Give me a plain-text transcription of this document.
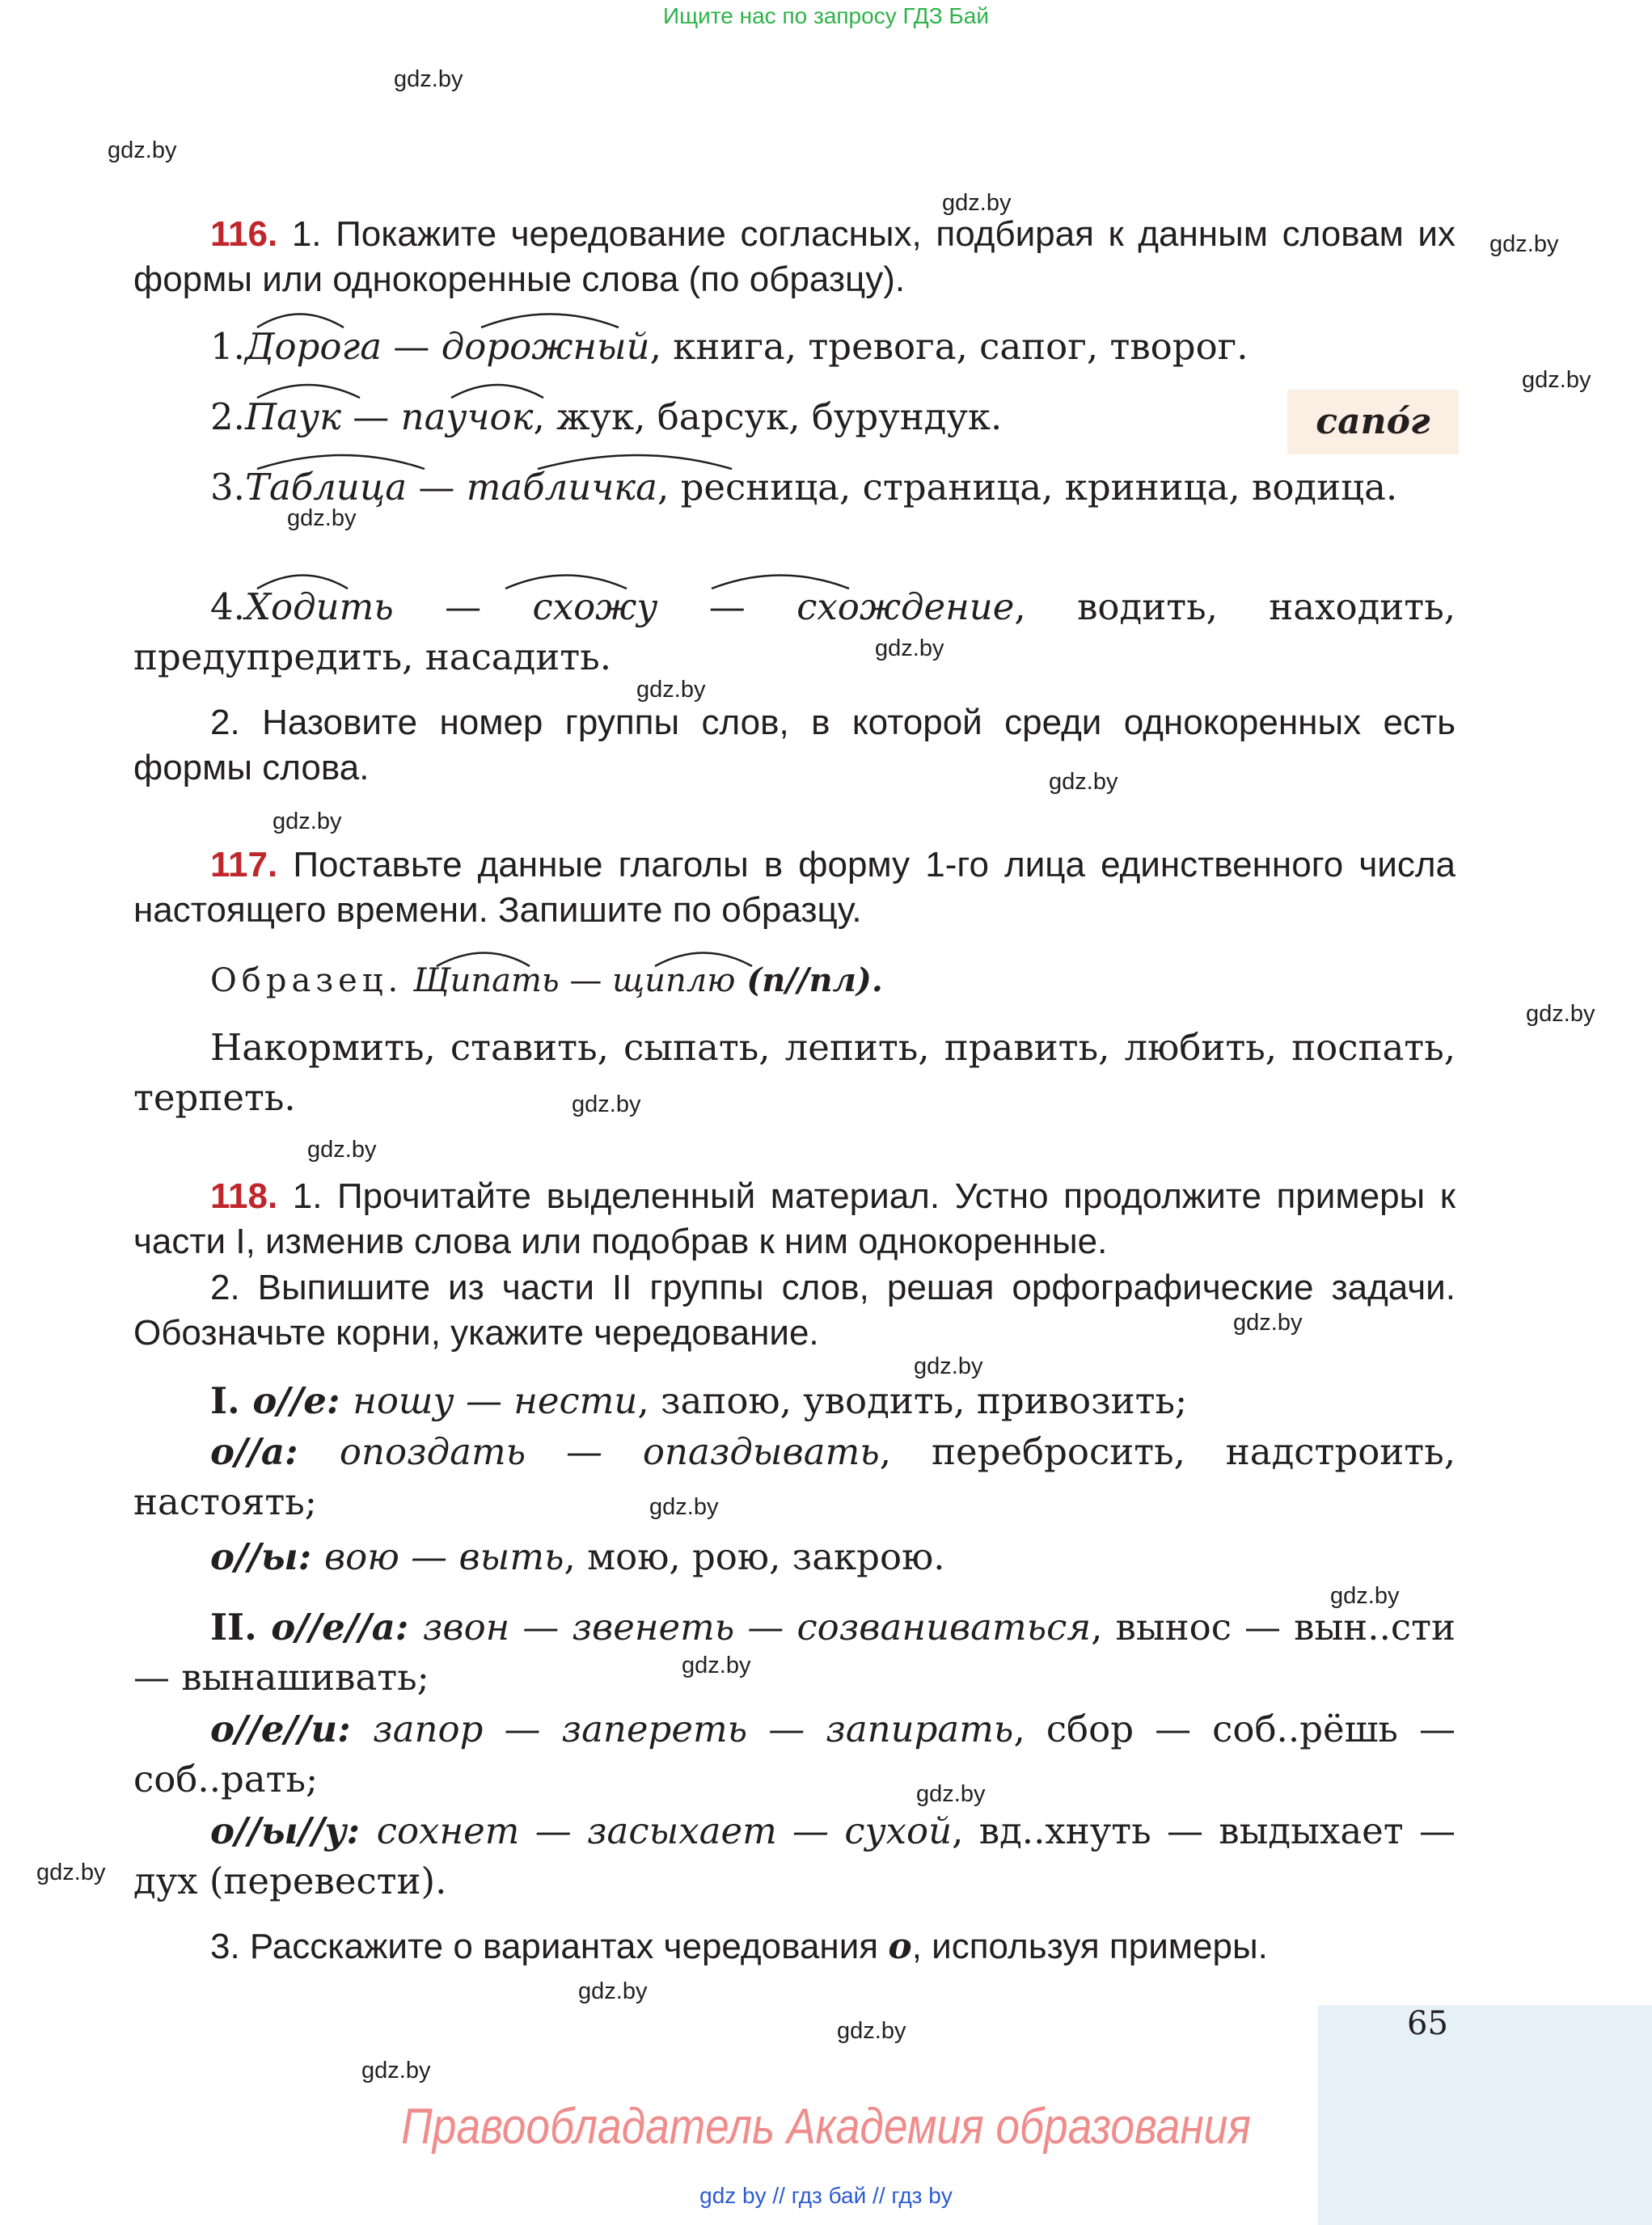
Ищите нас по запросу ГДЗ Бай
gdz.by
gdz.by
gdz.by
gdz.by
gdz.by
gdz.by
gdz.by
gdz.by
gdz.by
gdz.by
gdz.by
gdz.by
gdz.by
gdz.by
gdz.by
gdz.by
gdz.by
gdz.by
gdz.by
gdz.by
gdz.by
gdz.by
gdz.by
116. 1. Покажите чередование согласных, подбирая к данным словам их формы или однокоренные слова (по образцу).
1.Дорога — дорожный, книга, тревога, сапог, творог.
2.Паук — паучок, жук, барсук, бурундук.
3.Таблица — табличка, ресница, страница, криница, водица.
4.Ходить — схожу — схождение, водить, находить, предупредить, насадить.
сапо́г
2. Назовите номер группы слов, в которой среди однокоренных есть формы слова.
117. Поставьте данные глаголы в форму 1-го лица единственного числа настоящего времени. Запишите по образцу.
Образец. Щипать — щиплю (п//пл).
Накормить, ставить, сыпать, лепить, править, любить, поспать, терпеть.
118. 1. Прочитайте выделенный материал. Устно продолжите примеры к части I, изменив слова или подобрав к ним однокоренные.
2. Выпишите из части II группы слов, решая орфографические задачи. Обозначьте корни, укажите чередование.
I. о//е: ношу — нести, запою, уводить, привозить;
о//а: опоздать — опаздывать, перебросить, надстроить, настоять;
о//ы: вою — выть, мою, рою, закрою.
II. о//е//а: звон — звенеть — созваниваться, вынос — вын..сти — вынашивать;
о//е//и: запор — запереть — запирать, сбор — соб..рёшь — соб..рать;
о//ы//у: сохнет — засыхает — сухой, вд..хнуть — выдыхает — дух (перевести).
3. Расскажите о вариантах чередования о, используя примеры.
65
Правообладатель Академия образования
gdz by // гдз бай // гдз by
